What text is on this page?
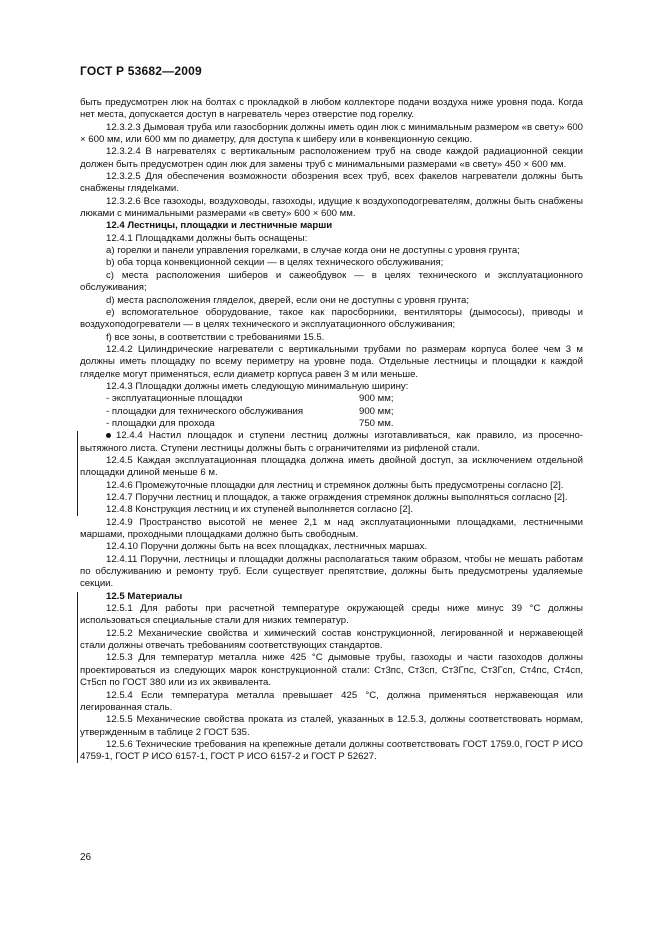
ГОСТ Р 53682—2009

быть предусмотрен люк на болтах с прокладкой в любом коллекторе подачи воздуха ниже уровня пода. Когда нет места, допускается доступ в нагреватель через отверстие под горелку.

12.3.2.3 Дымовая труба или газосборник должны иметь один люк с минимальным размером «в свету» 600 × 600 мм, или 600 мм по диаметру, для доступа к шиберу или в конвекционную секцию.

12.3.2.4 В нагревателях с вертикальным расположением труб на своде каждой радиационной секции должен быть предусмотрен один люк для замены труб с минимальными размерами «в свету» 450 × 600 мм.

12.3.2.5 Для обеспечения возможности обозрения всех труб, всех факелов нагреватели должны быть снабжены глядelками.

12.3.2.6 Все газоходы, воздуховоды, газоходы, идущие к воздухоподогревателям, должны быть снабжены люками с минимальными размерами «в свету» 600 × 600 мм.

12.4 Лестницы, площадки и лестничные марши

12.4.1 Площадками должны быть оснащены:

a) горелки и панели управления горелками, в случае когда они не доступны с уровня грунта;

b) оба торца конвекционной секции — в целях технического обслуживания;

c) места расположения шиберов и сажеобдувок — в целях технического и эксплуатационного обслуживания;

d) места расположения глядeлок, дверей, если они не доступны с уровня грунта;

e) вспомогательное оборудование, такое как паросборники, вентиляторы (дымососы), приводы и воздухоподогреватели — в целях технического и эксплуатационного обслуживания;

f) все зоны, в соответствии с требованиями 15.5.

12.4.2 Цилиндрические нагреватели с вертикальными трубами по размерам корпуса более чем 3 м должны иметь площадку по всему периметру на уровне пода. Отдельные лестницы и площадки к каждой глядeлке могут применяться, если диаметр корпуса равен 3 м или меньше.

12.4.3 Площадки должны иметь следующую минимальную ширину:

- эксплуатационные площадки	900 мм;
- площадки для технического обслуживания	900 мм;
- площадки для прохода	750 мм.

12.4.4 Настил площадок и ступени лестниц должны изготавливаться, как правило, из просечно-вытяжного листа. Ступени лестницы должны быть с ограничителями из рифленой стали.

12.4.5 Каждая эксплуатационная площадка должна иметь двойной доступ, за исключением отдельной площадки длиной меньше 6 м.

12.4.6 Промежуточные площадки для лестниц и стремянок должны быть предусмотрены согласно [2].

12.4.7 Поручни лестниц и площадок, а также ограждения стремянок должны выполняться согласно [2].

12.4.8 Конструкция лестниц и их ступеней выполняется согласно [2].

12.4.9 Пространство высотой не менее 2,1 м над эксплуатационными площадками, лестничными маршами, проходными площадками должно быть свободным.

12.4.10 Поручни должны быть на всех площадках, лестничных маршах.

12.4.11 Поручни, лестницы и площадки должны располагаться таким образом, чтобы не мешать работам по обслуживанию и ремонту труб. Если существует препятствие, должны быть предусмотрены удаляемые секции.

12.5 Материалы

12.5.1 Для работы при расчетной температуре окружающей среды ниже минус 39 °С должны использоваться специальные стали для низких температур.

12.5.2 Механические свойства и химический состав конструкционной, легированной и нержавеющей стали должны отвечать требованиям соответствующих стандартов.

12.5.3 Для температур металла ниже 425 °С дымовые трубы, газоходы и части газоходов должны проектироваться из следующих марок конструкционной стали: Ст3пс, Ст3сп, Ст3Гпс, Ст3Гсп, Ст4пс, Ст4сп, Ст5сп по ГОСТ 380 или из их эквивалента.

12.5.4 Если температура металла превышает 425 °С, должна применяться нержавеющая или легированная сталь.

12.5.5 Механические свойства проката из сталей, указанных в 12.5.3, должны соответствовать нормам, утвержденным в таблице 2 ГОСТ 535.

12.5.6 Технические требования на крепежные детали должны соответствовать ГОСТ 1759.0, ГОСТ Р ИСО 4759-1, ГОСТ Р ИСО 6157-1, ГОСТ Р ИСО 6157-2 и ГОСТ Р 52627.

26
